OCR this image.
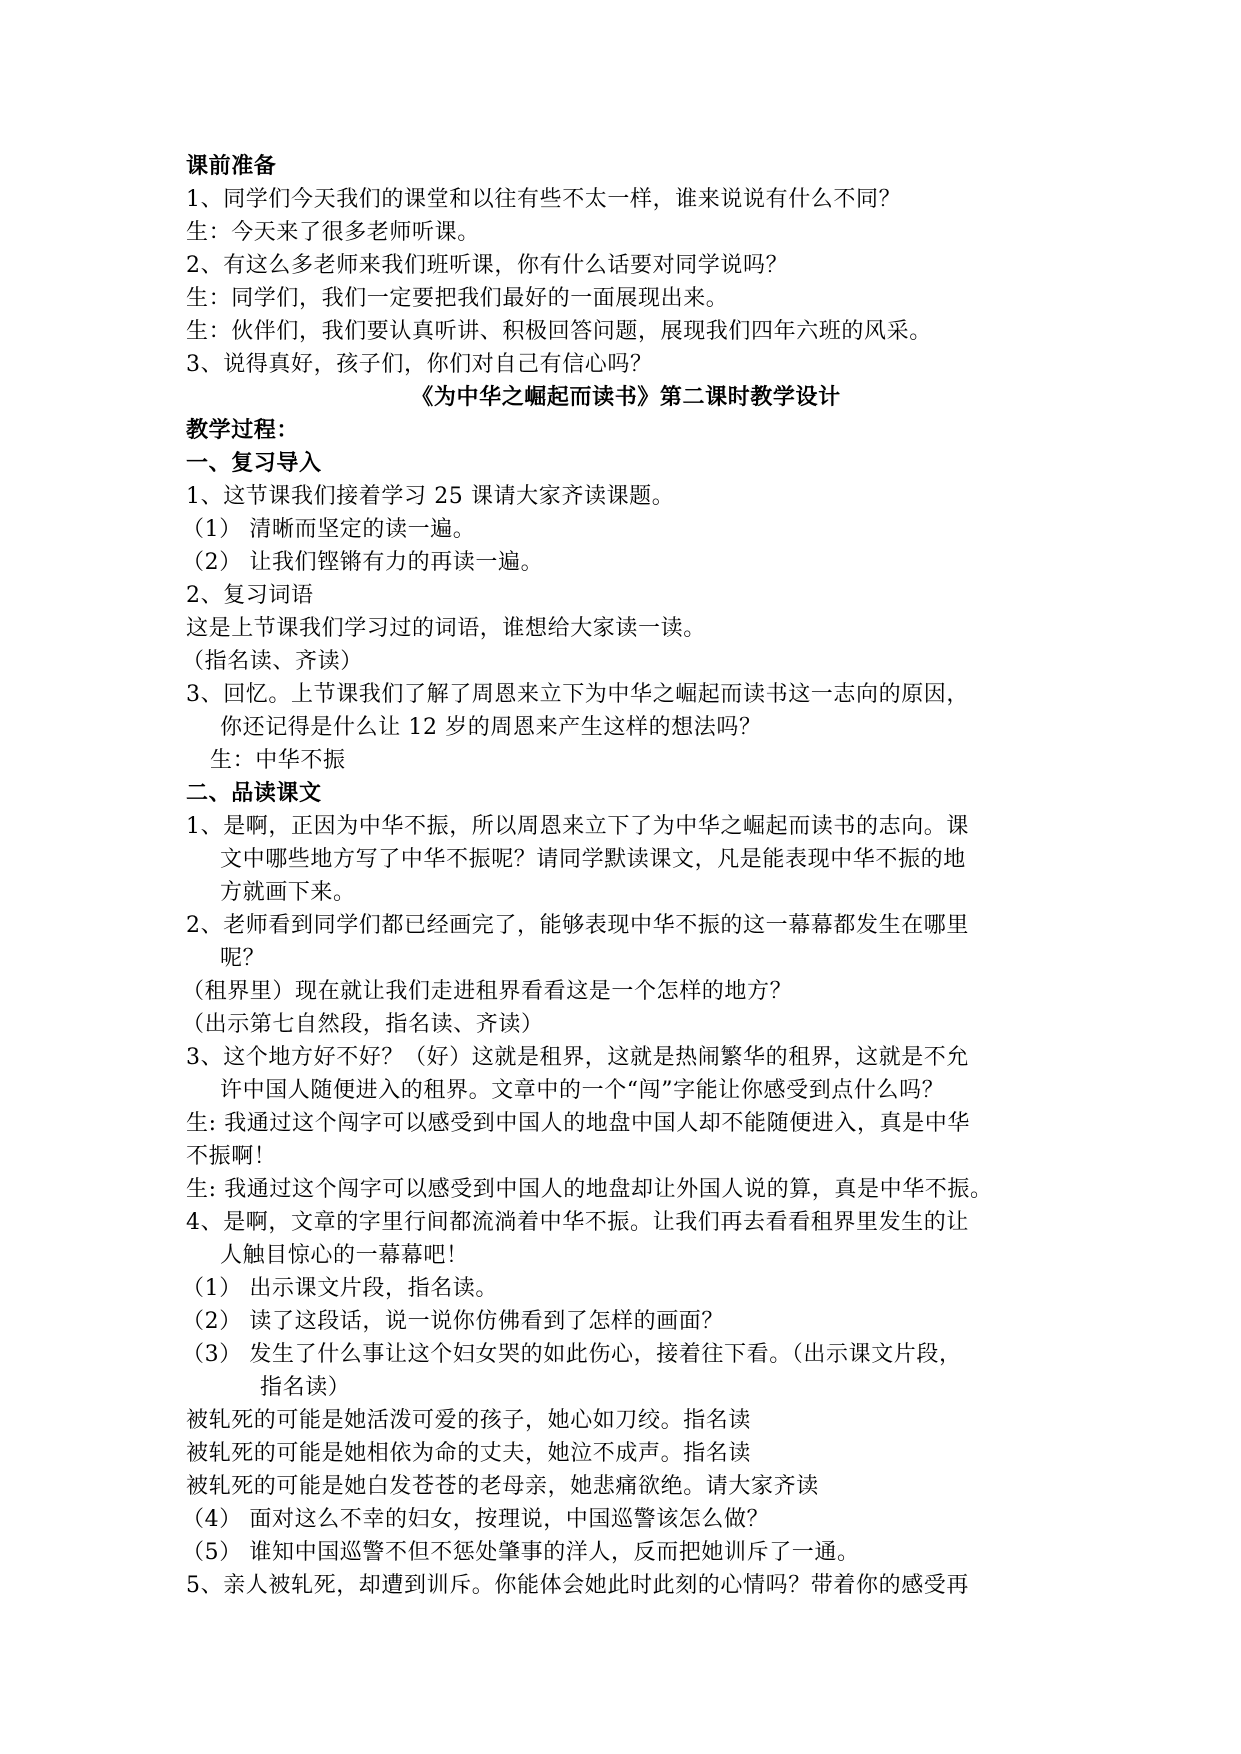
课前准备
1、同学们今天我们的课堂和以往有些不太一样，谁来说说有什么不同？
生：今天来了很多老师听课。
2、有这么多老师来我们班听课，你有什么话要对同学说吗？
生：同学们，我们一定要把我们最好的一面展现出来。
生：伙伴们，我们要认真听讲、积极回答问题，展现我们四年六班的风采。
3、说得真好，孩子们，你们对自己有信心吗？
《为中华之崛起而读书》第二课时教学设计
教学过程：
一、复习导入
1、这节课我们接着学习 25 课请大家齐读课题。
（1） 清晰而坚定的读一遍。
（2） 让我们铿锵有力的再读一遍。
2、复习词语
这是上节课我们学习过的词语，谁想给大家读一读。
（指名读、齐读）
3、回忆。上节课我们了解了周恩来立下为中华之崛起而读书这一志向的原因，
你还记得是什么让 12 岁的周恩来产生这样的想法吗？
生：中华不振
二、品读课文
1、是啊，正因为中华不振，所以周恩来立下了为中华之崛起而读书的志向。课
文中哪些地方写了中华不振呢？请同学默读课文，凡是能表现中华不振的地
方就画下来。
2、老师看到同学们都已经画完了，能够表现中华不振的这一幕幕都发生在哪里
呢？
（租界里）现在就让我们走进租界看看这是一个怎样的地方？
（出示第七自然段，指名读、齐读）
3、这个地方好不好？（好）这就是租界，这就是热闹繁华的租界，这就是不允
许中国人随便进入的租界。文章中的一个“闯”字能让你感受到点什么吗？
生: 我通过这个闯字可以感受到中国人的地盘中国人却不能随便进入，真是中华
不振啊！
生: 我通过这个闯字可以感受到中国人的地盘却让外国人说的算，真是中华不振。
4、是啊，文章的字里行间都流淌着中华不振。让我们再去看看租界里发生的让
人触目惊心的一幕幕吧！
（1） 出示课文片段，指名读。
（2） 读了这段话，说一说你仿佛看到了怎样的画面？
（3） 发生了什么事让这个妇女哭的如此伤心，接着往下看。（出示课文片段，
指名读）
被轧死的可能是她活泼可爱的孩子，她心如刀绞。指名读
被轧死的可能是她相依为命的丈夫，她泣不成声。指名读
被轧死的可能是她白发苍苍的老母亲，她悲痛欲绝。请大家齐读
（4） 面对这么不幸的妇女，按理说，中国巡警该怎么做？
（5） 谁知中国巡警不但不惩处肇事的洋人，反而把她训斥了一通。
5、亲人被轧死，却遭到训斥。你能体会她此时此刻的心情吗？带着你的感受再
